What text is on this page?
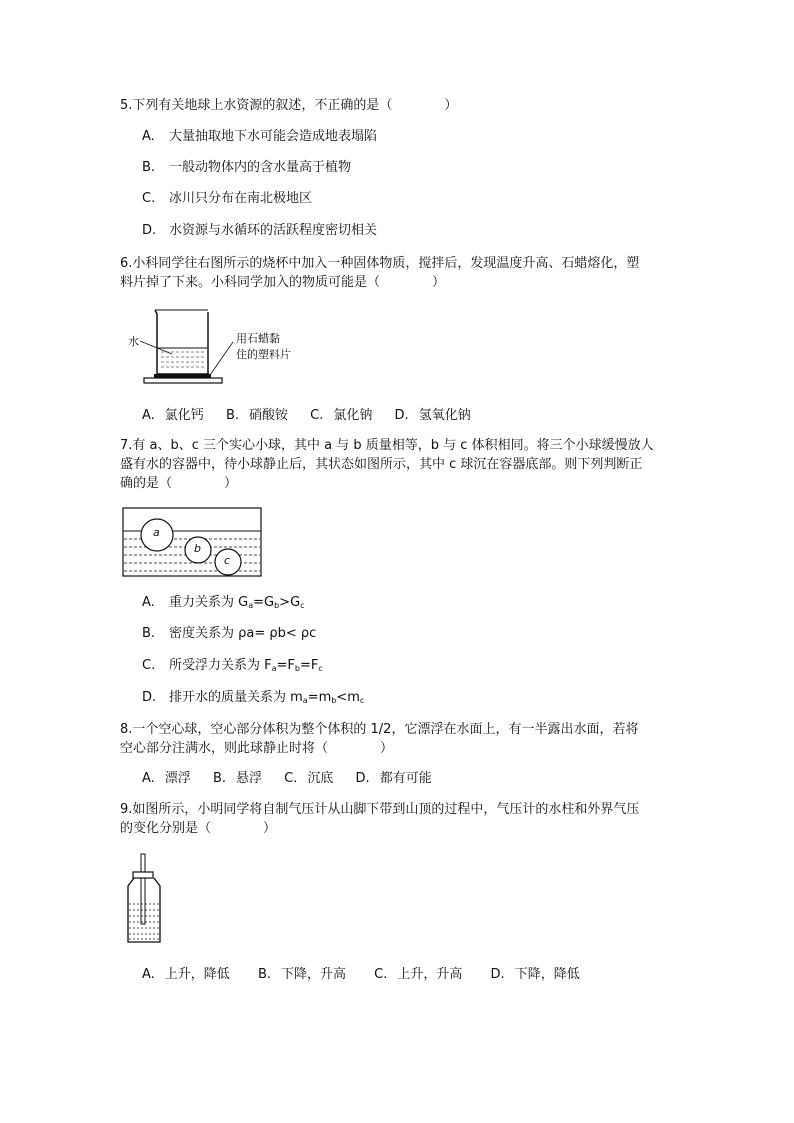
5.下列有关地球上水资源的叙述，不正确的是（　　　　）
A. 大量抽取地下水可能会造成地表塌陷
B. 一般动物体内的含水量高于植物
C. 冰川只分布在南北极地区
D. 水资源与水循环的活跃程度密切相关
6.小科同学往右图所示的烧杯中加入一种固体物质，搅拌后，发现温度升高、石蜡熔化，塑
料片掉了下来。小科同学加入的物质可能是（　　　　）
水	用石蜡黏
住的塑料片
A. 氯化钙 B. 硝酸铵 C. 氯化钠 D. 氢氧化钠
7.有 a、b、c 三个实心小球，其中 a 与 b 质量相等，b 与 c 体积相同。将三个小球缓慢放人
盛有水的容器中，待小球静止后，其状态如图所示，其中 c 球沉在容器底部。则下列判断正
确的是（　　　　）
a
b
c
A. 重力关系为 $G_a=G_b>G_c$
B. 密度关系为 ρa= ρb< ρc
C. 所受浮力关系为 $F_a=F_b=F_c$
D. 排开水的质量关系为 $m_a=m_b<m_c$
8.一个空心球，空心部分体积为整个体积的 1/2，它漂浮在水面上，有一半露出水面，若将
空心部分注满水，则此球静止时将（　　　　）
A. 漂浮 B. 悬浮 C. 沉底 D. 都有可能
9.如图所示，小明同学将自制气压计从山脚下带到山顶的过程中，气压计的水柱和外界气压
的变化分别是（　　　　）
A. 上升，降低 B. 下降，升高 C. 上升，升高 D. 下降，降低
